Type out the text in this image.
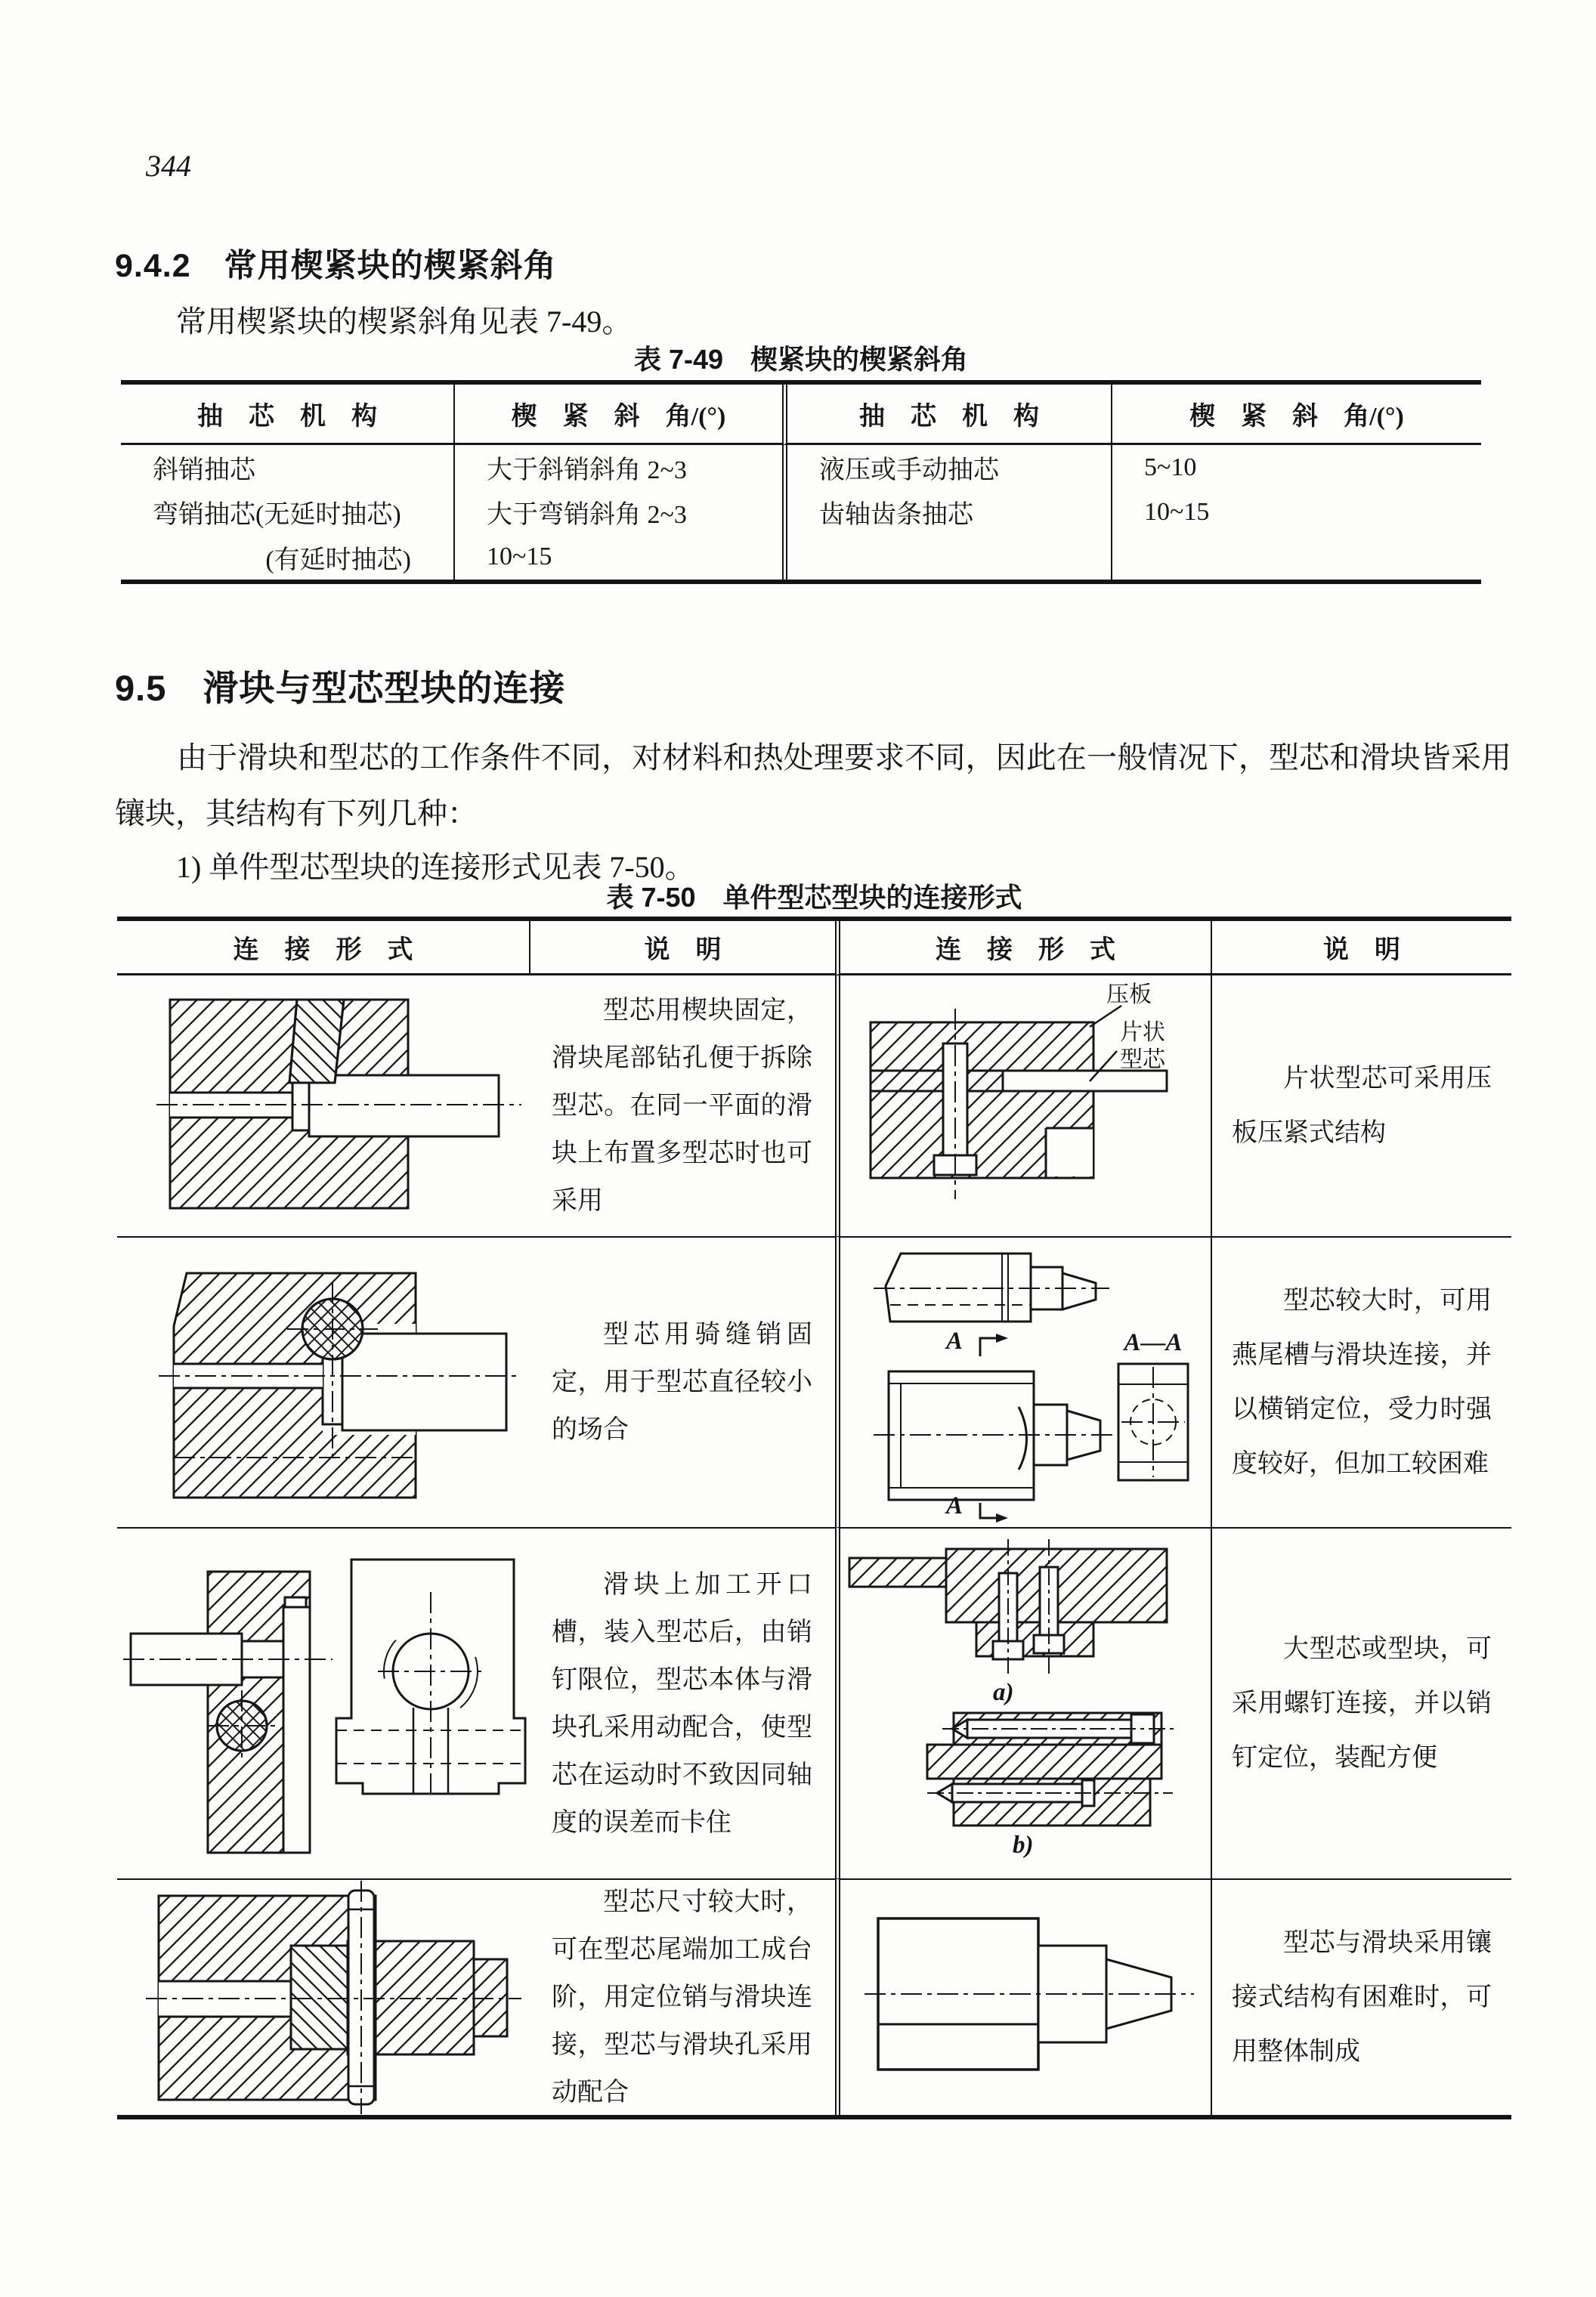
344
9.4.2 常用楔紧块的楔紧斜角
常用楔紧块的楔紧斜角见表 7-49。
表 7-49　楔紧块的楔紧斜角
抽　芯　机　构	楔　紧　斜　角/(°)	抽　芯　机　构	楔　紧　斜　角/(°)
斜销抽芯	大于斜销斜角 2~3	液压或手动抽芯	5~10
弯销抽芯(无延时抽芯)	大于弯销斜角 2~3	齿轴齿条抽芯	10~15
(有延时抽芯)	10~15
9.5 滑块与型芯型块的连接
由于滑块和型芯的工作条件不同，对材料和热处理要求不同，因此在一般情况下，型芯和滑块皆采用镶块，其结构有下列几种：
1) 单件型芯型块的连接形式见表 7-50。
表 7-50　单件型芯型块的连接形式
连　接　形　式	说　明	连　接　形　式	说　明
型芯用楔块固定，滑块尾部钻孔便于拆除型芯。在同一平面的滑块上布置多型芯时也可采用
压板
片状型芯
片状型芯可采用压板压紧式结构
型芯用骑缝销固定，用于型芯直径较小的场合
A
A
A—A
型芯较大时，可用燕尾槽与滑块连接，并以横销定位，受力时强度较好，但加工较困难
滑块上加工开口槽，装入型芯后，由销钉限位，型芯本体与滑块孔采用动配合，使型芯在运动时不致因同轴度的误差而卡住
a)
b)
大型芯或型块，可采用螺钉连接，并以销钉定位，装配方便
型芯尺寸较大时，可在型芯尾端加工成台阶，用定位销与滑块连接，型芯与滑块孔采用动配合
型芯与滑块采用镶接式结构有困难时，可用整体制成
